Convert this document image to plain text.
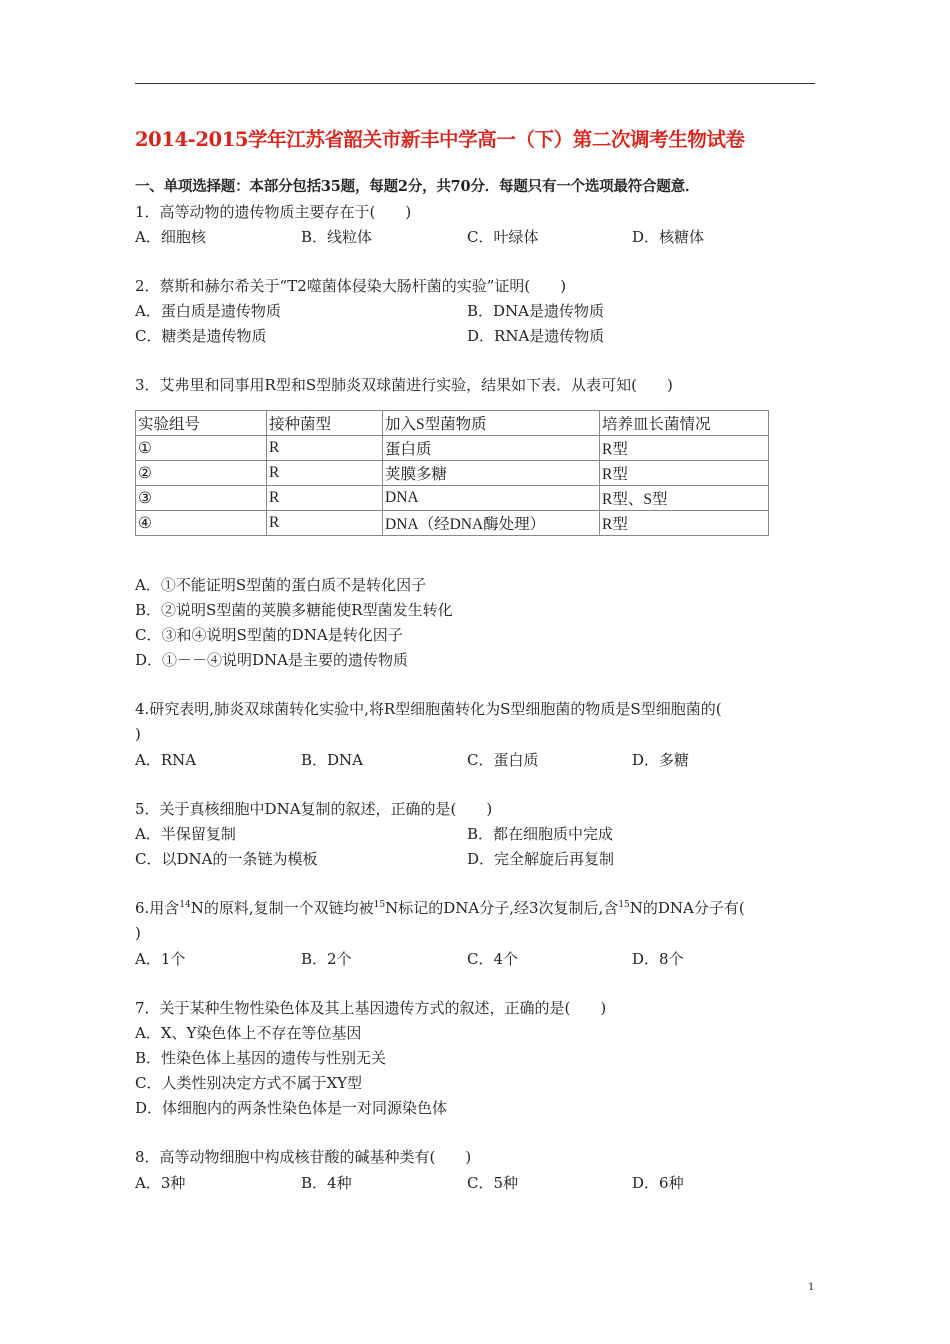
2014-2015学年江苏省韶关市新丰中学高一（下）第二次调考生物试卷
一、单项选择题：本部分包括35题，每题2分，共70分．每题只有一个选项最符合题意．
1．高等动物的遗传物质主要存在于(　　)
A．细胞核	B．线粒体	C．叶绿体	D．核糖体
2．蔡斯和赫尔希关于“T2噬菌体侵染大肠杆菌的实验”证明(　　)
A．蛋白质是遗传物质	B．DNA是遗传物质
C．糖类是遗传物质	D．RNA是遗传物质
3．艾弗里和同事用R型和S型肺炎双球菌进行实验，结果如下表．从表可知(　　)
实验组号	接种菌型	加入S型菌物质	培养皿长菌情况
①	R	蛋白质	R型
②	R	荚膜多糖	R型
③	R	DNA	R型、S型
④	R	DNA（经DNA酶处理）	R型
A．①不能证明S型菌的蛋白质不是转化因子
B．②说明S型菌的荚膜多糖能使R型菌发生转化
C．③和④说明S型菌的DNA是转化因子
D．①－－④说明DNA是主要的遗传物质
4.研究表明,肺炎双球菌转化实验中,将R型细胞菌转化为S型细胞菌的物质是S型细胞菌的(
)
A．RNA	B．DNA	C．蛋白质	D．多糖
5．关于真核细胞中DNA复制的叙述，正确的是(　　)
A．半保留复制	B．都在细胞质中完成
C．以DNA的一条链为模板	D．完全解旋后再复制
6.用含$^{14}$N的原料,复制一个双链均被$^{15}$N标记的DNA分子,经3次复制后,含$^{15}$N的DNA分子有(
)
A．1个	B．2个	C．4个	D．8个
7．关于某种生物性染色体及其上基因遗传方式的叙述，正确的是(　　)
A．X、Y染色体上不存在等位基因
B．性染色体上基因的遗传与性别无关
C．人类性别决定方式不属于XY型
D．体细胞内的两条性染色体是一对同源染色体
8．高等动物细胞中构成核苷酸的碱基种类有(　　)
A．3种	B．4种	C．5种	D．6种
1
